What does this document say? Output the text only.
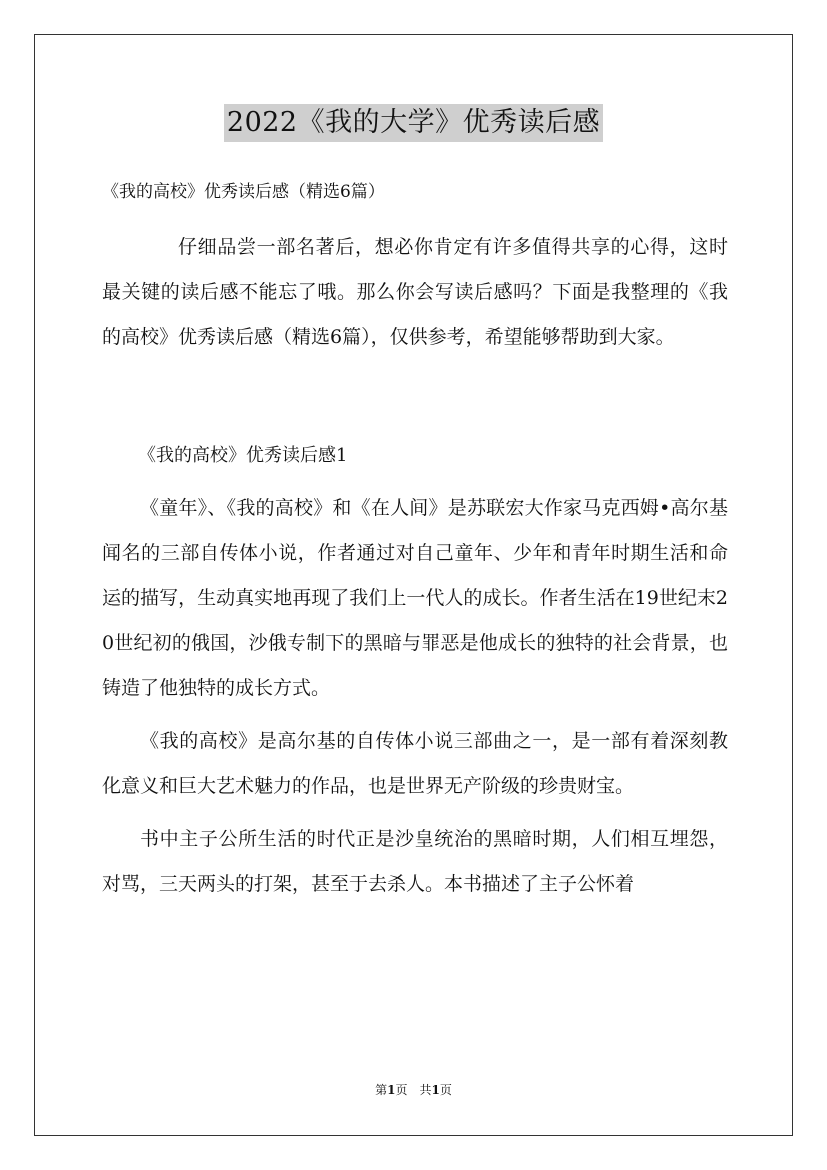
2022《我的大学》优秀读后感
《我的高校》优秀读后感（精选6篇）

仔细品尝一部名著后，想必你肯定有许多值得共享的心得，这时最关键的读后感不能忘了哦。那么你会写读后感吗？下面是我整理的《我的高校》优秀读后感（精选6篇），仅供参考，希望能够帮助到大家。

《我的高校》优秀读后感1

《童年》、《我的高校》和《在人间》是苏联宏大作家马克西姆•高尔基闻名的三部自传体小说，作者通过对自己童年、少年和青年时期生活和命运的描写，生动真实地再现了我们上一代人的成长。作者生活在19世纪末20世纪初的俄国，沙俄专制下的黑暗与罪恶是他成长的独特的社会背景，也铸造了他独特的成长方式。

《我的高校》是高尔基的自传体小说三部曲之一，是一部有着深刻教化意义和巨大艺术魅力的作品，也是世界无产阶级的珍贵财宝。

书中主子公所生活的时代正是沙皇统治的黑暗时期，人们相互埋怨，对骂，三天两头的打架，甚至于去杀人。本书描述了主子公怀着

第1页　共1页
